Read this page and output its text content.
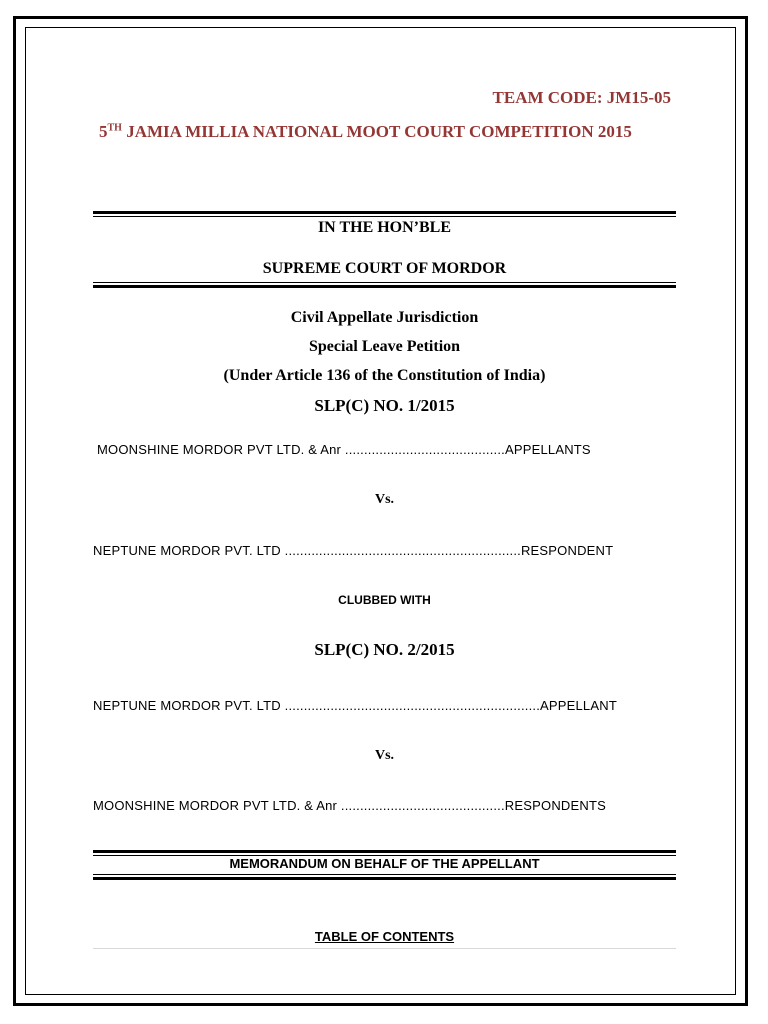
TEAM CODE: JM15-05
5TH JAMIA MILLIA NATIONAL MOOT COURT COMPETITION 2015
IN THE HON’BLE
SUPREME COURT OF MORDOR
Civil Appellate Jurisdiction
Special Leave Petition
(Under Article 136 of the Constitution of India)
SLP(C) NO. 1/2015
MOONSHINE MORDOR PVT LTD. & Anr ..........................................APPELLANTS
Vs.
NEPTUNE MORDOR PVT. LTD ..............................................................RESPONDENT
CLUBBED WITH
SLP(C) NO. 2/2015
NEPTUNE MORDOR PVT. LTD ...................................................................APPELLANT
Vs.
MOONSHINE MORDOR PVT LTD. & Anr ...........................................RESPONDENTS
MEMORANDUM ON BEHALF OF THE APPELLANT
TABLE OF CONTENTS
